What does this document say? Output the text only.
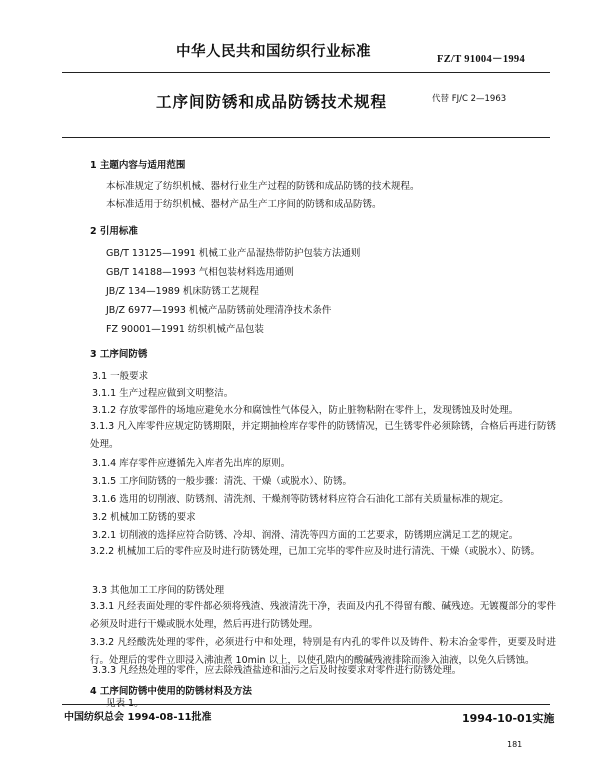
中华人民共和国纺织行业标准	FZ/T 91004－1994
工序间防锈和成品防锈技术规程	代替 FJ/C 2—1963
1 主题内容与适用范围
本标准规定了纺织机械、器材行业生产过程的防锈和成品防锈的技术规程。
本标准适用于纺织机械、器材产品生产工序间的防锈和成品防锈。
2 引用标准
GB/T 13125—1991 机械工业产品湿热带防护包装方法通则
GB/T 14188—1993 气相包装材料选用通则
JB/Z 134—1989 机床防锈工艺规程
JB/Z 6977—1993 机械产品防锈前处理清净技术条件
FZ 90001—1991 纺织机械产品包装
3 工序间防锈
3.1 一般要求
3.1.1 生产过程应做到文明整洁。
3.1.2 存放零部件的场地应避免水分和腐蚀性气体侵入，防止脏物粘附在零件上，发现锈蚀及时处理。
3.1.3 凡入库零件应规定防锈期限，并定期抽检库存零件的防锈情况，已生锈零件必须除锈，合格后再进行防锈处理。
3.1.4 库存零件应遵循先入库者先出库的原则。
3.1.5 工序间防锈的一般步骤：清洗、干燥（或脱水）、防锈。
3.1.6 选用的切削液、防锈剂、清洗剂、干燥剂等防锈材料应符合石油化工部有关质量标准的规定。
3.2 机械加工防锈的要求
3.2.1 切削液的选择应符合防锈、冷却、润滑、清洗等四方面的工艺要求，防锈期应满足工艺的规定。
3.2.2 机械加工后的零件应及时进行防锈处理，已加工完毕的零件应及时进行清洗、干燥（或脱水）、防锈。
3.3 其他加工工序间的防锈处理
3.3.1 凡经表面处理的零件都必须将残渣、残液清洗干净，表面及内孔不得留有酸、碱残迹。无镀覆部分的零件必须及时进行干燥或脱水处理，然后再进行防锈处理。
3.3.2 凡经酸洗处理的零件，必须进行中和处理，特别是有内孔的零件以及铸件、粉末冶金零件，更要及时进行。处理后的零件立即浸入沸油煮 10min 以上，以使孔隙内的酸碱残液排除而渗入油液，以免久后锈蚀。
3.3.3 凡经热处理的零件，应去除残渣盐迹和油污之后及时按要求对零件进行防锈处理。
4 工序间防锈中使用的防锈材料及方法
见表 1。
中国纺织总会 1994-08-11批准	1994-10-01实施
181
